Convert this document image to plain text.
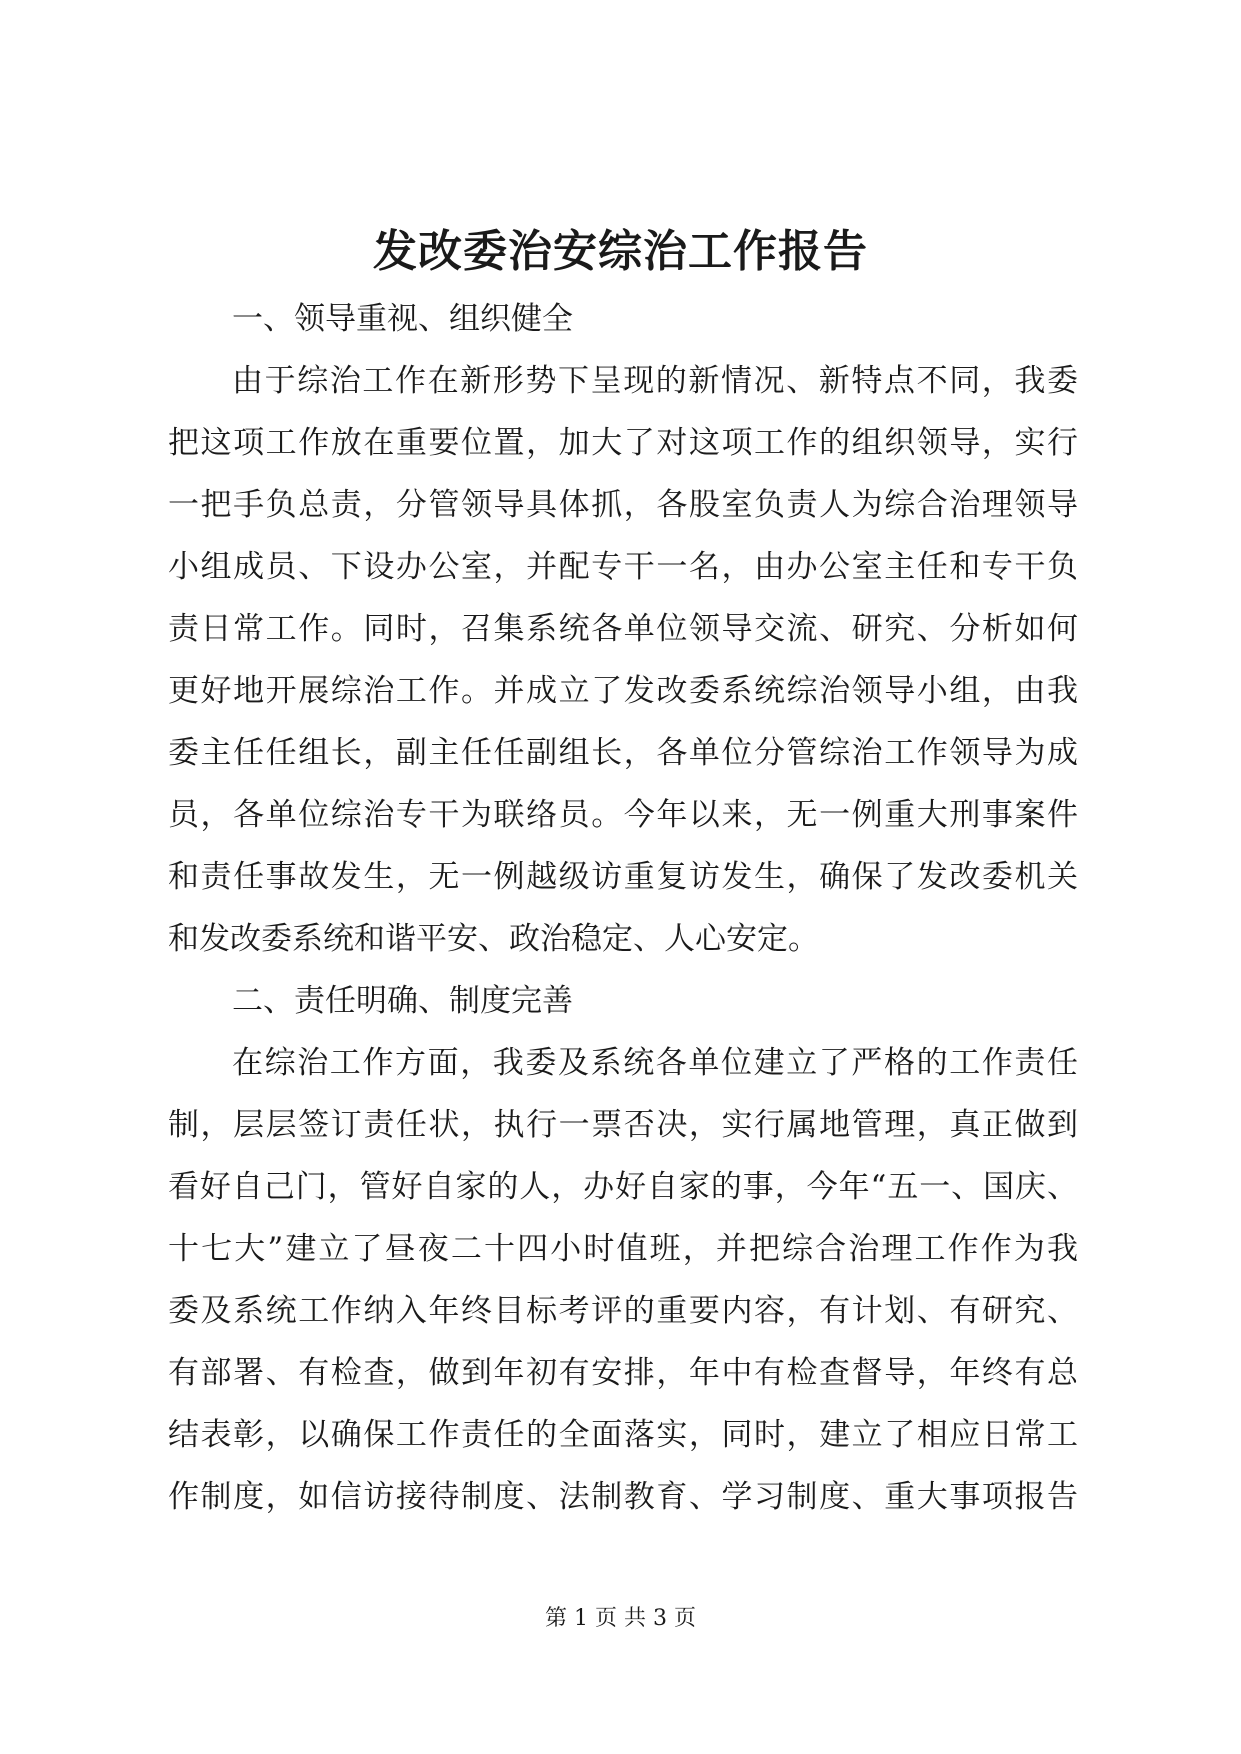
发改委治安综治工作报告
一、领导重视、组织健全
由于综治工作在新形势下呈现的新情况、新特点不同，我委
把这项工作放在重要位置，加大了对这项工作的组织领导，实行
一把手负总责，分管领导具体抓，各股室负责人为综合治理领导
小组成员、下设办公室，并配专干一名，由办公室主任和专干负
责日常工作。同时，召集系统各单位领导交流、研究、分析如何
更好地开展综治工作。并成立了发改委系统综治领导小组，由我
委主任任组长，副主任任副组长，各单位分管综治工作领导为成
员，各单位综治专干为联络员。今年以来，无一例重大刑事案件
和责任事故发生，无一例越级访重复访发生，确保了发改委机关
和发改委系统和谐平安、政治稳定、人心安定。
二、责任明确、制度完善
在综治工作方面，我委及系统各单位建立了严格的工作责任
制，层层签订责任状，执行一票否决，实行属地管理，真正做到
看好自己门，管好自家的人，办好自家的事，今年“五一、国庆、
十七大”建立了昼夜二十四小时值班，并把综合治理工作作为我
委及系统工作纳入年终目标考评的重要内容，有计划、有研究、
有部署、有检查，做到年初有安排，年中有检查督导，年终有总
结表彰，以确保工作责任的全面落实，同时，建立了相应日常工
作制度，如信访接待制度、法制教育、学习制度、重大事项报告
第 1 页 共 3 页
